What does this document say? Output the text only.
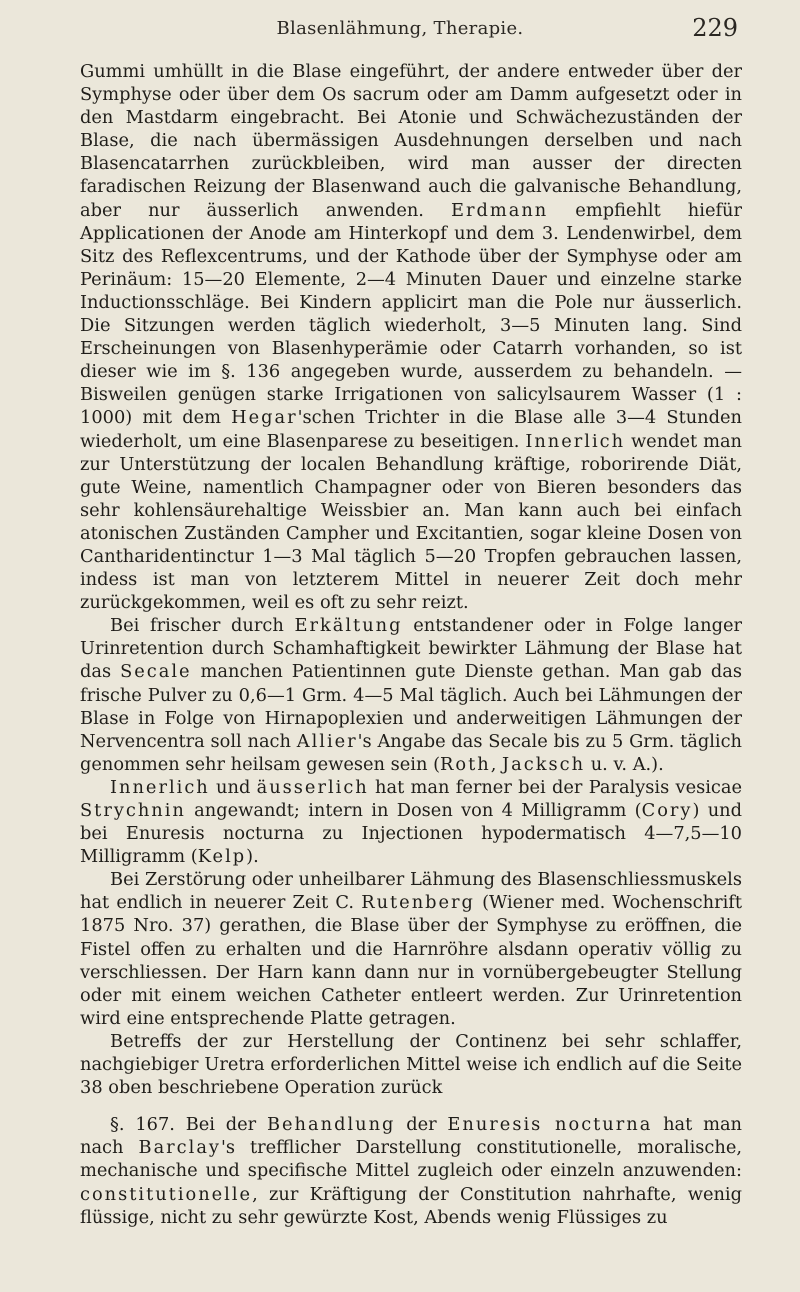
Blasenlähmung, Therapie.	229

Gummi umhüllt in die Blase eingeführt, der andere entweder über der Symphyse oder über dem Os sacrum oder am Damm aufgesetzt oder in den Mastdarm eingebracht. Bei Atonie und Schwächezuständen der Blase, die nach übermässigen Ausdehnungen derselben und nach Blasencatarrhen zurückbleiben, wird man ausser der directen faradischen Reizung der Blasenwand auch die galvanische Behandlung, aber nur äusserlich anwenden. Erdmann empfiehlt hiefür Applicationen der Anode am Hinterkopf und dem 3. Lendenwirbel, dem Sitz des Reflexcentrums, und der Kathode über der Symphyse oder am Perinäum: 15—20 Elemente, 2—4 Minuten Dauer und einzelne starke Inductionsschläge. Bei Kindern applicirt man die Pole nur äusserlich. Die Sitzungen werden täglich wiederholt, 3—5 Minuten lang. Sind Erscheinungen von Blasenhyperämie oder Catarrh vorhanden, so ist dieser wie im §. 136 angegeben wurde, ausserdem zu behandeln. — Bisweilen genügen starke Irrigationen von salicylsaurem Wasser (1 : 1000) mit dem Hegar'schen Trichter in die Blase alle 3—4 Stunden wiederholt, um eine Blasenparese zu beseitigen. Innerlich wendet man zur Unterstützung der localen Behandlung kräftige, roborirende Diät, gute Weine, namentlich Champagner oder von Bieren besonders das sehr kohlensäurehaltige Weissbier an. Man kann auch bei einfach atonischen Zuständen Campher und Excitantien, sogar kleine Dosen von Cantharidentinctur 1—3 Mal täglich 5—20 Tropfen gebrauchen lassen, indess ist man von letzterem Mittel in neuerer Zeit doch mehr zurückgekommen, weil es oft zu sehr reizt.

Bei frischer durch Erkältung entstandener oder in Folge langer Urinretention durch Schamhaftigkeit bewirkter Lähmung der Blase hat das Secale manchen Patientinnen gute Dienste gethan. Man gab das frische Pulver zu 0,6—1 Grm. 4—5 Mal täglich. Auch bei Lähmungen der Blase in Folge von Hirnapoplexien und anderweitigen Lähmungen der Nervencentra soll nach Allier's Angabe das Secale bis zu 5 Grm. täglich genommen sehr heilsam gewesen sein (Roth, Jacksch u. v. A.).

Innerlich und äusserlich hat man ferner bei der Paralysis vesicae Strychnin angewandt; intern in Dosen von 4 Milligramm (Cory) und bei Enuresis nocturna zu Injectionen hypodermatisch 4—7,5—10 Milligramm (Kelp).

Bei Zerstörung oder unheilbarer Lähmung des Blasenschliessmuskels hat endlich in neuerer Zeit C. Rutenberg (Wiener med. Wochenschrift 1875 Nro. 37) gerathen, die Blase über der Symphyse zu eröffnen, die Fistel offen zu erhalten und die Harnröhre alsdann operativ völlig zu verschliessen. Der Harn kann dann nur in vornübergebeugter Stellung oder mit einem weichen Catheter entleert werden. Zur Urinretention wird eine entsprechende Platte getragen.

Betreffs der zur Herstellung der Continenz bei sehr schlaffer, nachgiebiger Uretra erforderlichen Mittel weise ich endlich auf die Seite 38 oben beschriebene Operation zurück

§. 167. Bei der Behandlung der Enuresis nocturna hat man nach Barclay's trefflicher Darstellung constitutionelle, moralische, mechanische und specifische Mittel zugleich oder einzeln anzuwenden: constitutionelle, zur Kräftigung der Constitution nahrhafte, wenig flüssige, nicht zu sehr gewürzte Kost, Abends wenig Flüssiges zu
